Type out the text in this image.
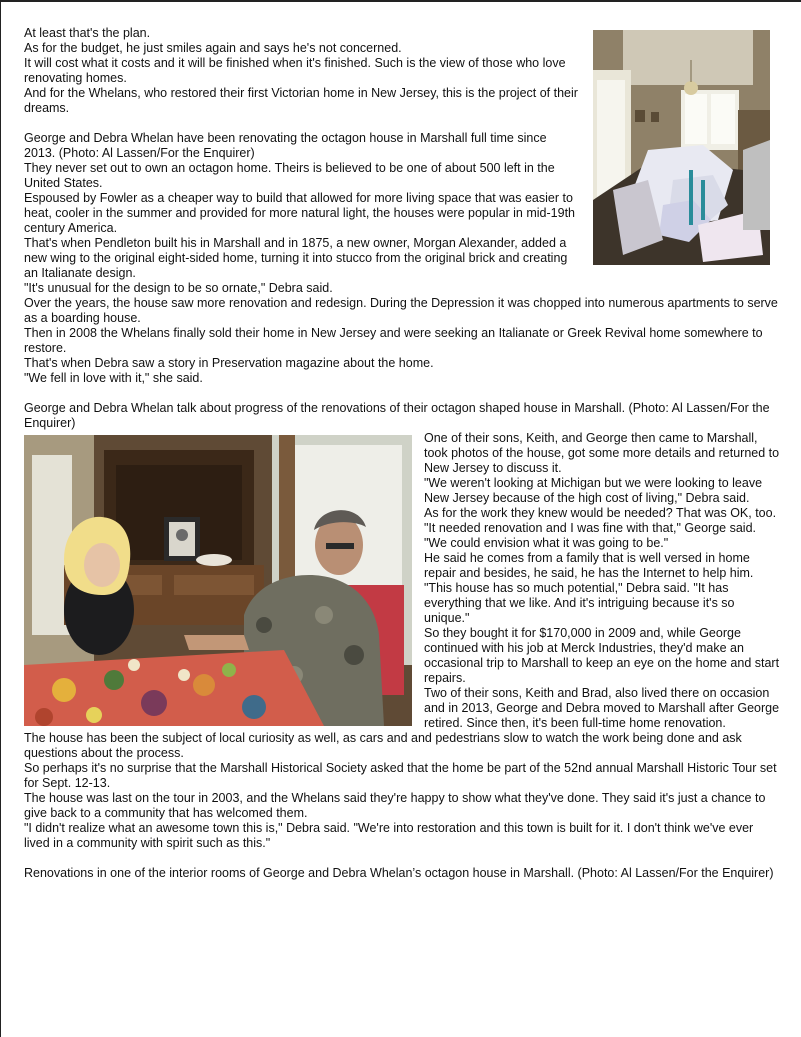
At least that's the plan.

As for the budget, he just smiles again and says he's not concerned.

It will cost what it costs and it will be finished when it's finished. Such is the view of those who love renovating homes.

And for the Whelans, who restored their first Victorian home in New Jersey, this is the project of their dreams.

George and Debra Whelan have been renovating the octagon house in Marshall full time since 2013. (Photo: Al Lassen/For the Enquirer)

They never set out to own an octagon home. Theirs is believed to be one of about 500 left in the United States.

Espoused by Fowler as a cheaper way to build that allowed for more living space that was easier to heat, cooler in the summer and provided for more natural light, the houses were popular in mid-19th century America.

That's when Pendleton built his in Marshall and in 1875, a new owner, Morgan Alexander, added a new wing to the original eight-sided home, turning it into stucco from the original brick and creating an Italianate design.

"It's unusual for the design to be so ornate," Debra said.

Over the years, the house saw more renovation and redesign. During the Depression it was chopped into numerous apartments to serve as a boarding house.

Then in 2008 the Whelans finally sold their home in New Jersey and were seeking an Italianate or Greek Revival home somewhere to restore.

That's when Debra saw a story in Preservation magazine about the home.

"We fell in love with it," she said.

George and Debra Whelan talk about progress of the renovations of their octagon shaped house in Marshall. (Photo: Al Lassen/For the Enquirer)

One of their sons, Keith, and George then came to Marshall, took photos of the house, got some more details and returned to New Jersey to discuss it.

"We weren't looking at Michigan but we were looking to leave New Jersey because of the high cost of living," Debra said.

As for the work they knew would be needed? That was OK, too.

"It needed renovation and I was fine with that," George said. "We could envision what it was going to be."

He said he comes from a family that is well versed in home repair and besides, he said, he has the Internet to help him.

"This house has so much potential," Debra said. "It has everything that we like. And it's intriguing because it's so unique."

So they bought it for $170,000 in 2009 and, while George continued with his job at Merck Industries, they'd make an occasional trip to Marshall to keep an eye on the home and start repairs.

Two of their sons, Keith and Brad, also lived there on occasion and in 2013, George and Debra moved to Marshall after George retired. Since then, it's been full-time home renovation.

The house has been the subject of local curiosity as well, as cars and and pedestrians slow to watch the work being done and ask questions about the process.

So perhaps it's no surprise that the Marshall Historical Society asked that the home be part of the 52nd annual Marshall Historic Tour set for Sept. 12-13.

The house was last on the tour in 2003, and the Whelans said they're happy to show what they've done. They said it's just a chance to give back to a community that has welcomed them.

"I didn't realize what an awesome town this is," Debra said. "We're into restoration and this town is built for it. I don't think we've ever lived in a community with spirit such as this."

Renovations in one of the interior rooms of George and Debra Whelan’s octagon house in Marshall. (Photo: Al Lassen/For the Enquirer)
